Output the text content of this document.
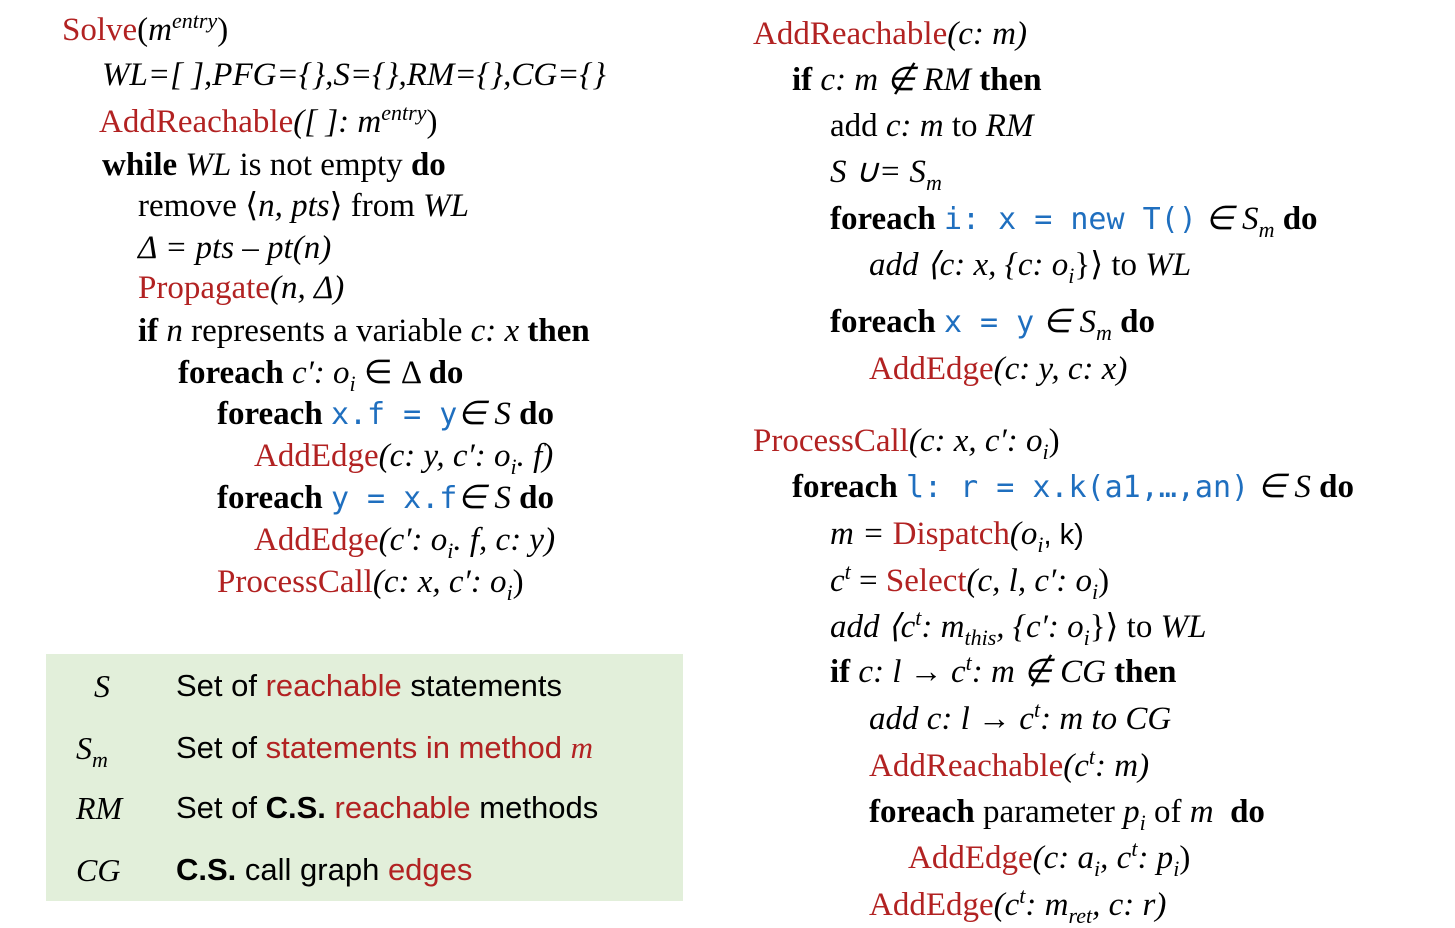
$Solve(m^{entry})$
WL=[ ],PFG={},S={},RM={},CG={}
AddReachable([ ]: $m^{entry}$)
while WL is not empty do
remove ⟨n, pts⟩ from WL
Δ = pts – pt(n)
Propagate(n, Δ)
if n represents a variable c: x then
foreach c′: $o_i$ ∈ Δ do
foreach x.f = y∈ S do
AddEdge(c: y, c′: $o_i$. f)
foreach y = x.f∈ S do
AddEdge(c′: $o_i$. f, c: y)
ProcessCall(c: x, c′: $o_i$)
S	Set of reachable statements
$S_m$	Set of statements in method m
RM	Set of C.S. reachable methods
CG	C.S. call graph edges
AddReachable(c: m)
if c: m ∉ RM then
add c: m to RM
S ∪= $S_m$
foreach i: x = new T() ∈ $S_m$ do
add ⟨c: x, {c: $o_i\}⟩$ to WL
foreach x = y ∈ $S_m$ do
AddEdge(c: y, c: x)
ProcessCall(c: x, c′: $o_i$)
foreach l: r = x.k(a1,…,an) ∈ S do
$m = Dispatch(o_i$, k)
$c^t$ = Select(c, l, c′: $o_i$)
add $⟨c^t$: $m_{this}$, {c′: $o_i\}⟩$ to WL
if c: $l \to c^t$: m ∉ CG then
add c: $l \to c^t$: m to CG
$AddReachable(c^t$: m)
foreach parameter $p_i$ of m do
AddEdge(c: $a_i$, $c^t$: $p_i$)
$AddEdge(c^t$: $m_{ret}$, c: r)
